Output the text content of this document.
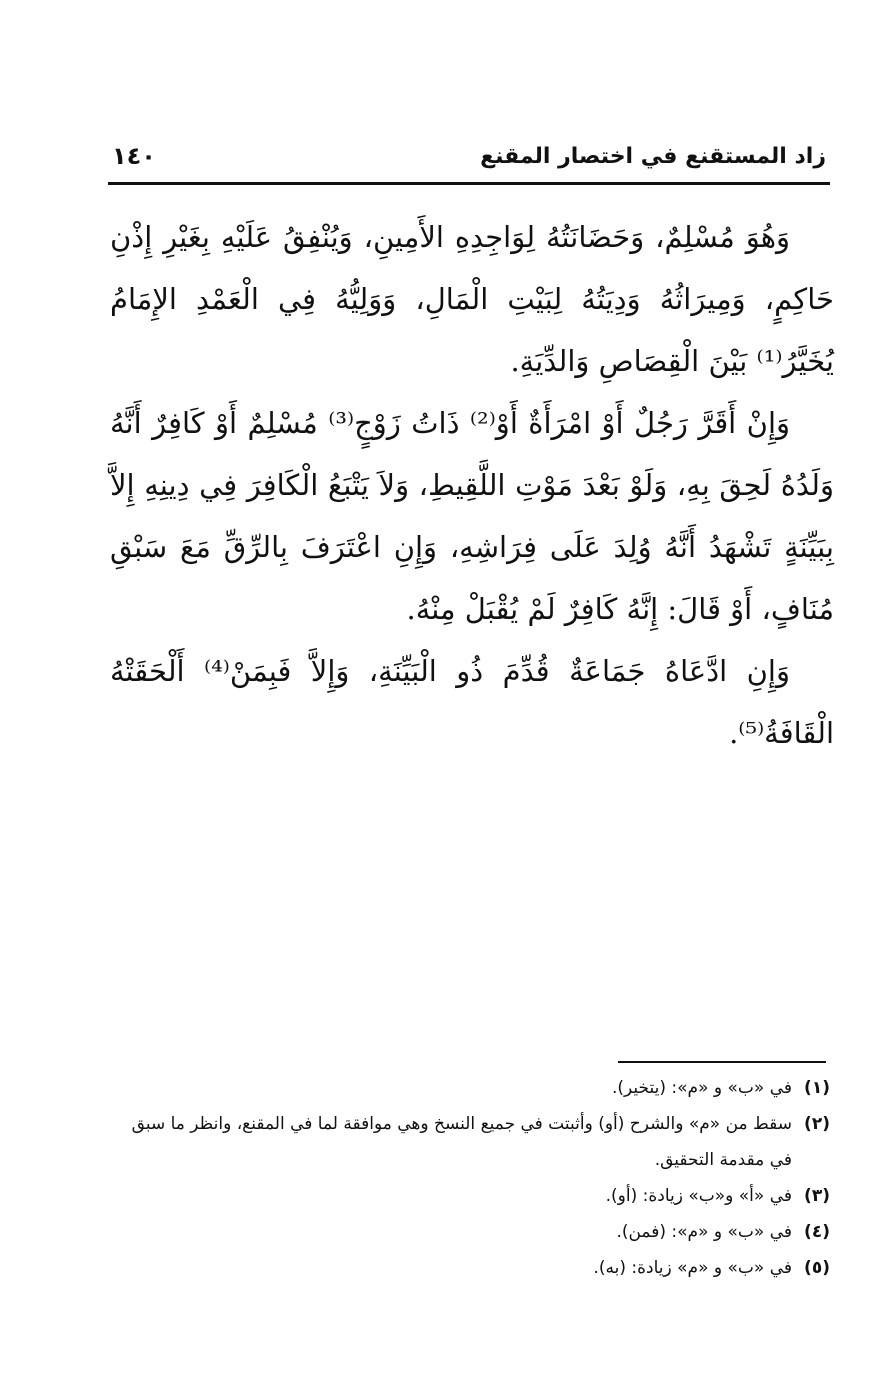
زاد المستقنع في اختصار المقنع
١٤٠

وَهُوَ مُسْلِمٌ، وَحَضَانَتُهُ لِوَاجِدِهِ الأَمِينِ، وَيُنْفِقُ عَلَيْهِ بِغَيْرِ إِذْنِ حَاكِمٍ، وَمِيرَاثُهُ وَدِيَتُهُ لِبَيْتِ الْمَالِ، وَوَلِيُّهُ فِي الْعَمْدِ الإِمَامُ يُخَيَّرُ⁽¹⁾ بَيْنَ الْقِصَاصِ وَالدِّيَةِ.

وَإِنْ أَقَرَّ رَجُلٌ أَوْ امْرَأَةٌ أَوْ⁽²⁾ ذَاتُ زَوْجٍ⁽³⁾ مُسْلِمٌ أَوْ كَافِرٌ أَنَّهُ وَلَدُهُ لَحِقَ بِهِ، وَلَوْ بَعْدَ مَوْتِ اللَّقِيطِ، وَلاَ يَتْبَعُ الْكَافِرَ فِي دِينِهِ إِلاَّ بِبَيِّنَةٍ تَشْهَدُ أَنَّهُ وُلِدَ عَلَى فِرَاشِهِ، وَإِنِ اعْتَرَفَ بِالرِّقِّ مَعَ سَبْقِ مُنَافٍ، أَوْ قَالَ: إِنَّهُ كَافِرٌ لَمْ يُقْبَلْ مِنْهُ.

وَإِنِ ادَّعَاهُ جَمَاعَةٌ قُدِّمَ ذُو الْبَيِّنَةِ، وَإِلاَّ فَبِمَنْ⁽⁴⁾ أَلْحَقَتْهُ الْقَافَةُ⁽⁵⁾.

(١)
في «ب» و «م»: (يتخير).
(٢)
سقط من «م» والشرح (أو) وأثبتت في جميع النسخ وهي موافقة لما في المقنع، وانظر ما سبق في مقدمة التحقيق.
(٣)
في «أ» و«ب» زيادة: (أو).
(٤)
في «ب» و «م»: (فمن).
(٥)
في «ب» و «م» زيادة: (به).
